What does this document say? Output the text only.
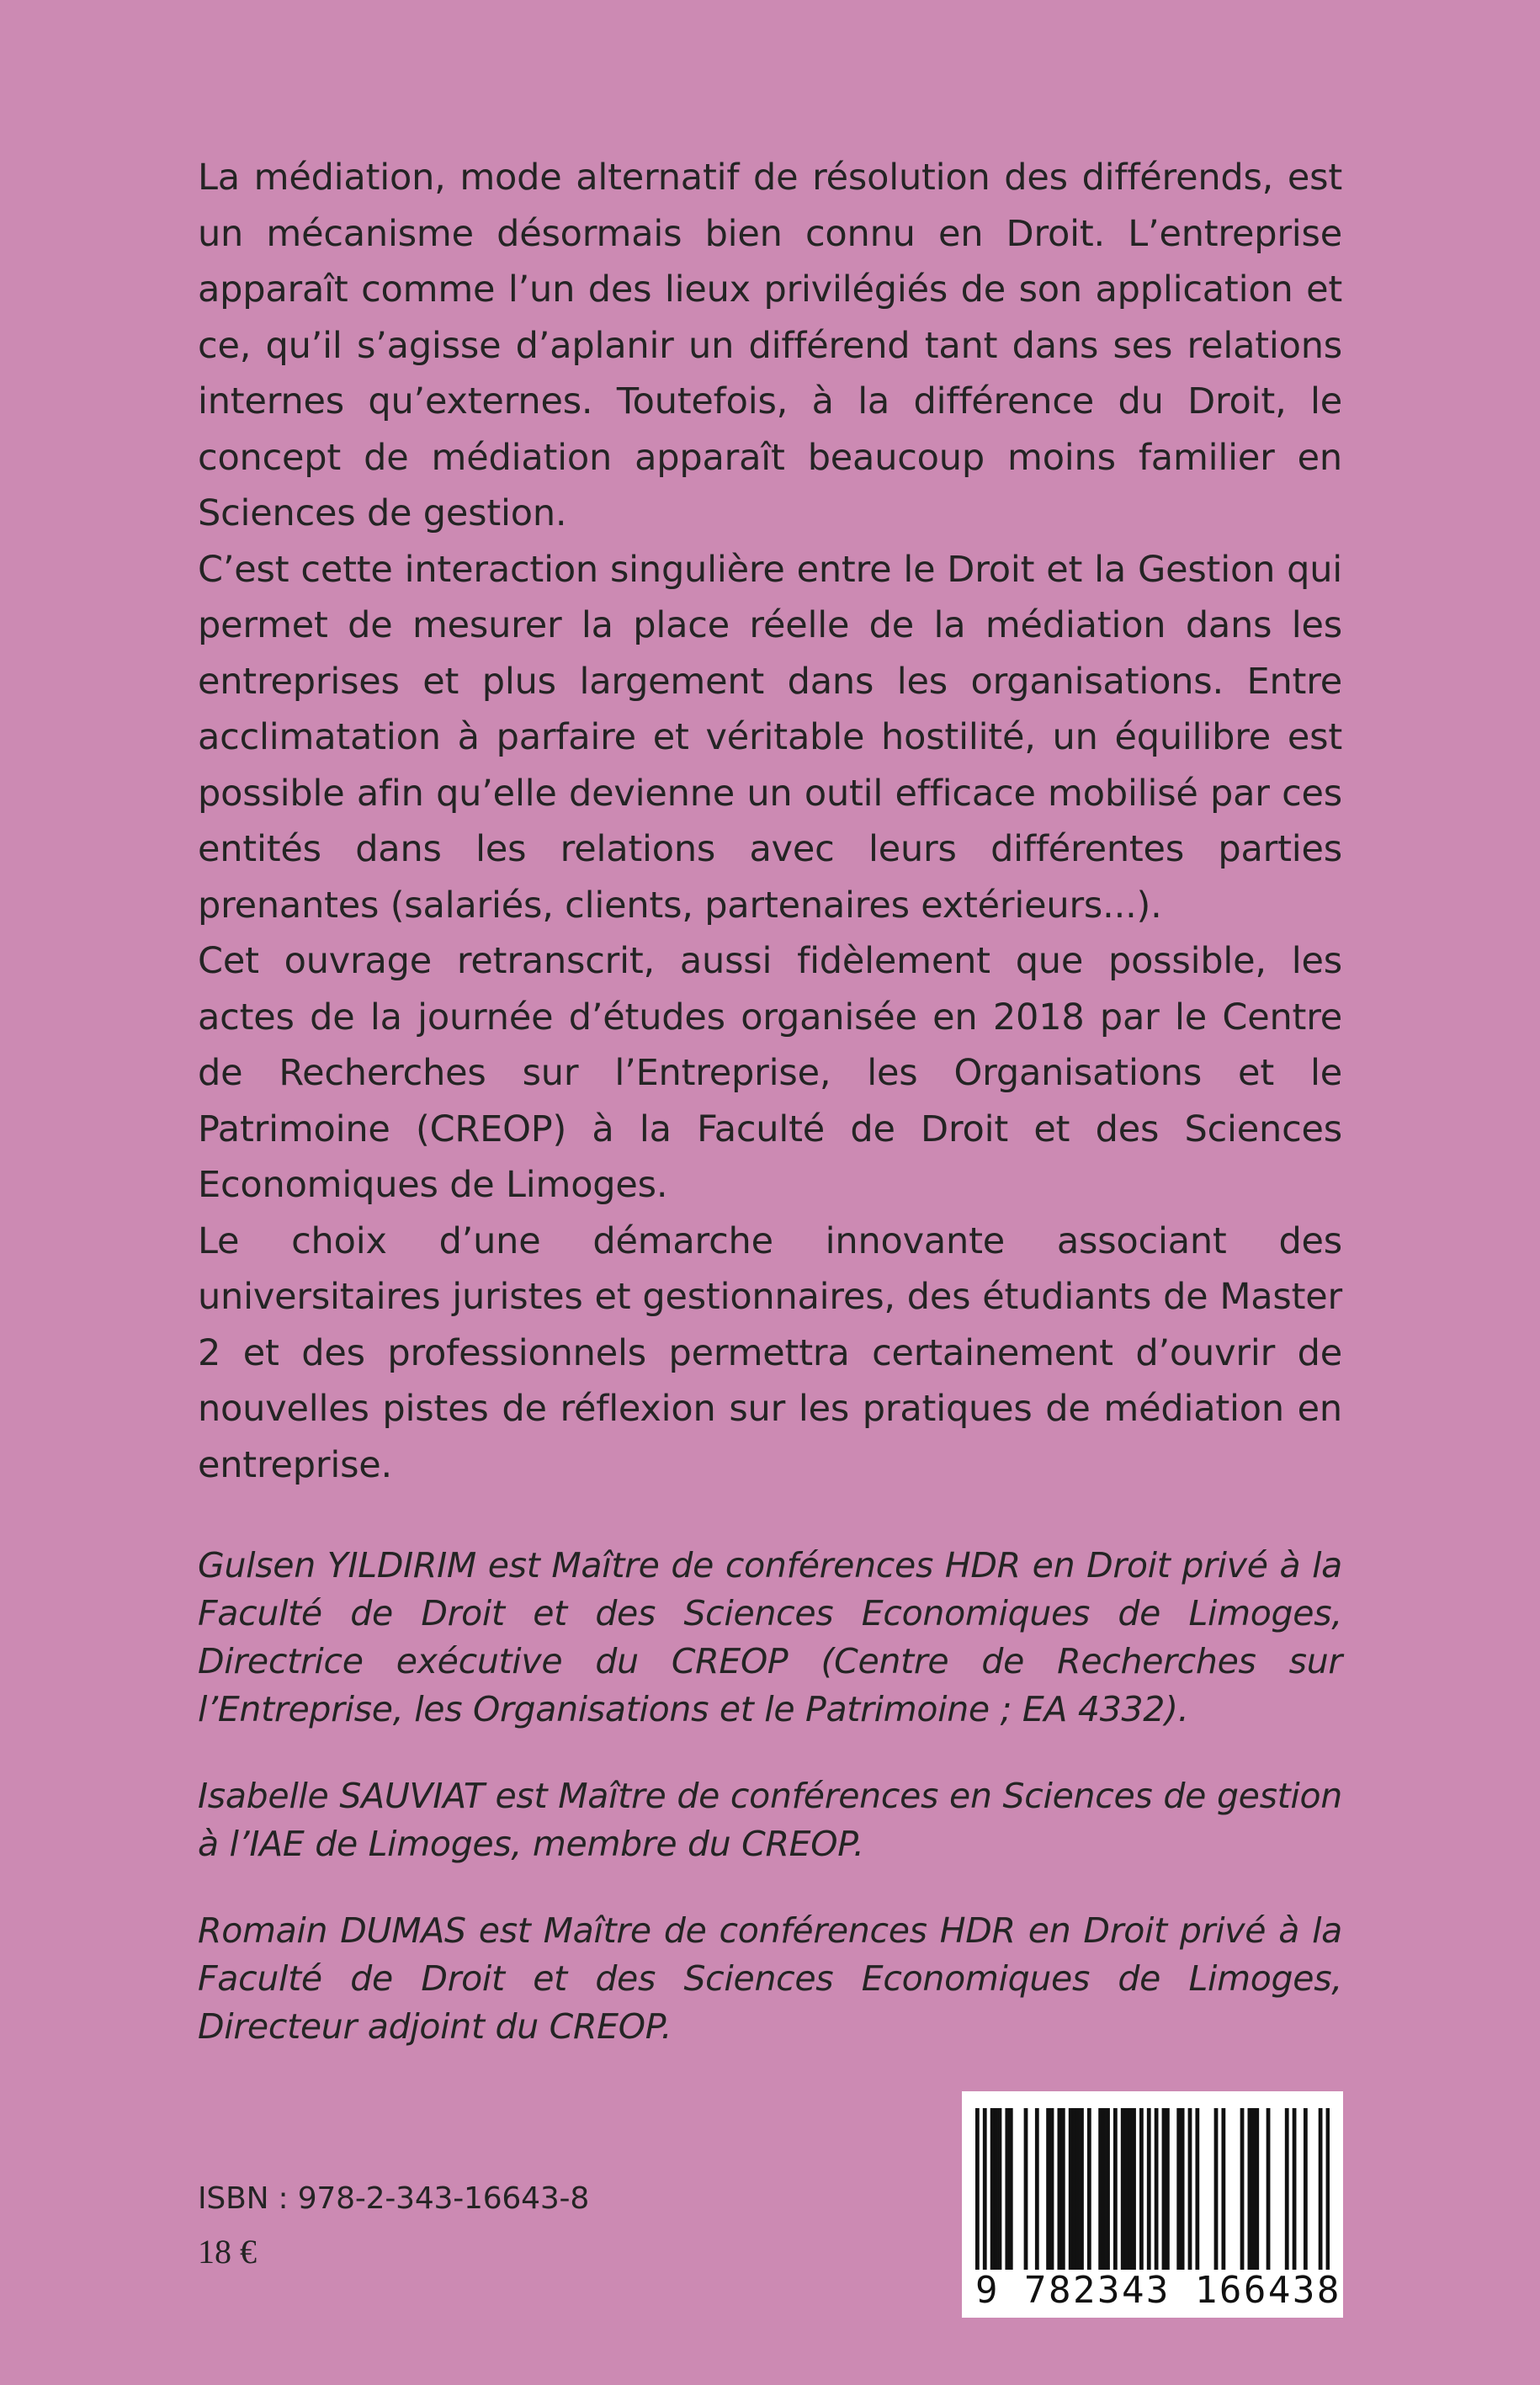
La médiation, mode alternatif de résolution des différends, est un mécanisme désormais bien connu en Droit. L’entreprise apparaît comme l’un des lieux privilégiés de son application et ce, qu’il s’agisse d’aplanir un différend tant dans ses relations internes qu’externes. Toutefois, à la différence du Droit, le concept de médiation apparaît beaucoup moins familier en Sciences de gestion.

C’est cette interaction singulière entre le Droit et la Gestion qui permet de mesurer la place réelle de la médiation dans les entreprises et plus largement dans les organisations. Entre acclimatation à parfaire et véritable hostilité, un équilibre est possible afin qu’elle devienne un outil efficace mobilisé par ces entités dans les relations avec leurs différentes parties prenantes (salariés, clients, partenaires extérieurs...).

Cet ouvrage retranscrit, aussi fidèlement que possible, les actes de la journée d’études organisée en 2018 par le Centre de Recherches sur l’Entreprise, les Organisations et le Patrimoine (CREOP) à la Faculté de Droit et des Sciences Economiques de Limoges.

Le choix d’une démarche innovante associant des universitaires juristes et gestionnaires, des étudiants de Master 2 et des professionnels permettra certainement d’ouvrir de nouvelles pistes de réflexion sur les pratiques de médiation en entreprise.

Gulsen YILDIRIM est Maître de conférences HDR en Droit privé à la Faculté de Droit et des Sciences Economiques de Limoges, Directrice exécutive du CREOP (Centre de Recherches sur l’Entreprise, les Organisations et le Patrimoine ; EA 4332).

Isabelle SAUVIAT est Maître de conférences en Sciences de gestion à l’IAE de Limoges, membre du CREOP.

Romain DUMAS est Maître de conférences HDR en Droit privé à la Faculté de Droit et des Sciences Economiques de Limoges, Directeur adjoint du CREOP.

ISBN : 978-2-343-16643-8
18 €
9 782343 166438
